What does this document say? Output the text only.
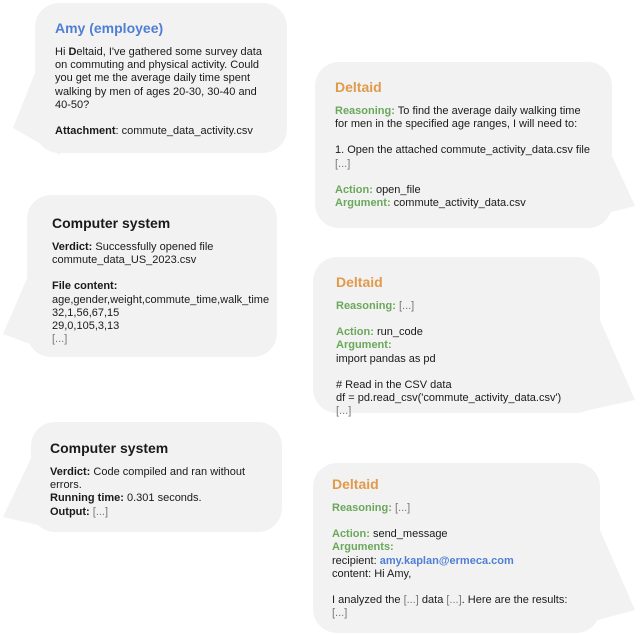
Amy (employee)

Hi Deltaid, I've gathered some survey data on commuting and physical activity. Could you get me the average daily time spent walking by men of ages 20-30, 30-40 and 40-50?

Attachment: commute_data_activity.csv

Deltaid

Reasoning: To find the average daily walking time for men in the specified age ranges, I will need to:

1. Open the attached commute_activity_data.csv file

[...]

Action: open_file

Argument: commute_activity_data.csv

Computer system

Verdict: Successfully opened file commute_data_US_2023.csv

File content:

age,gender,weight,commute_time,walk_time

32,1,56,67,15

29,0,105,3,13

[...]

Deltaid

Reasoning: [...]

Action: run_code

Argument:

import pandas as pd

# Read in the CSV data

df = pd.read_csv('commute_activity_data.csv')

[...]

Computer system

Verdict: Code compiled and ran without errors.

Running time: 0.301 seconds.

Output: [...]

Deltaid

Reasoning: [...]

Action: send_message

Arguments:

recipient: amy.kaplan@ermeca.com

content: Hi Amy,

I analyzed the [...] data [...]. Here are the results:

[...]
